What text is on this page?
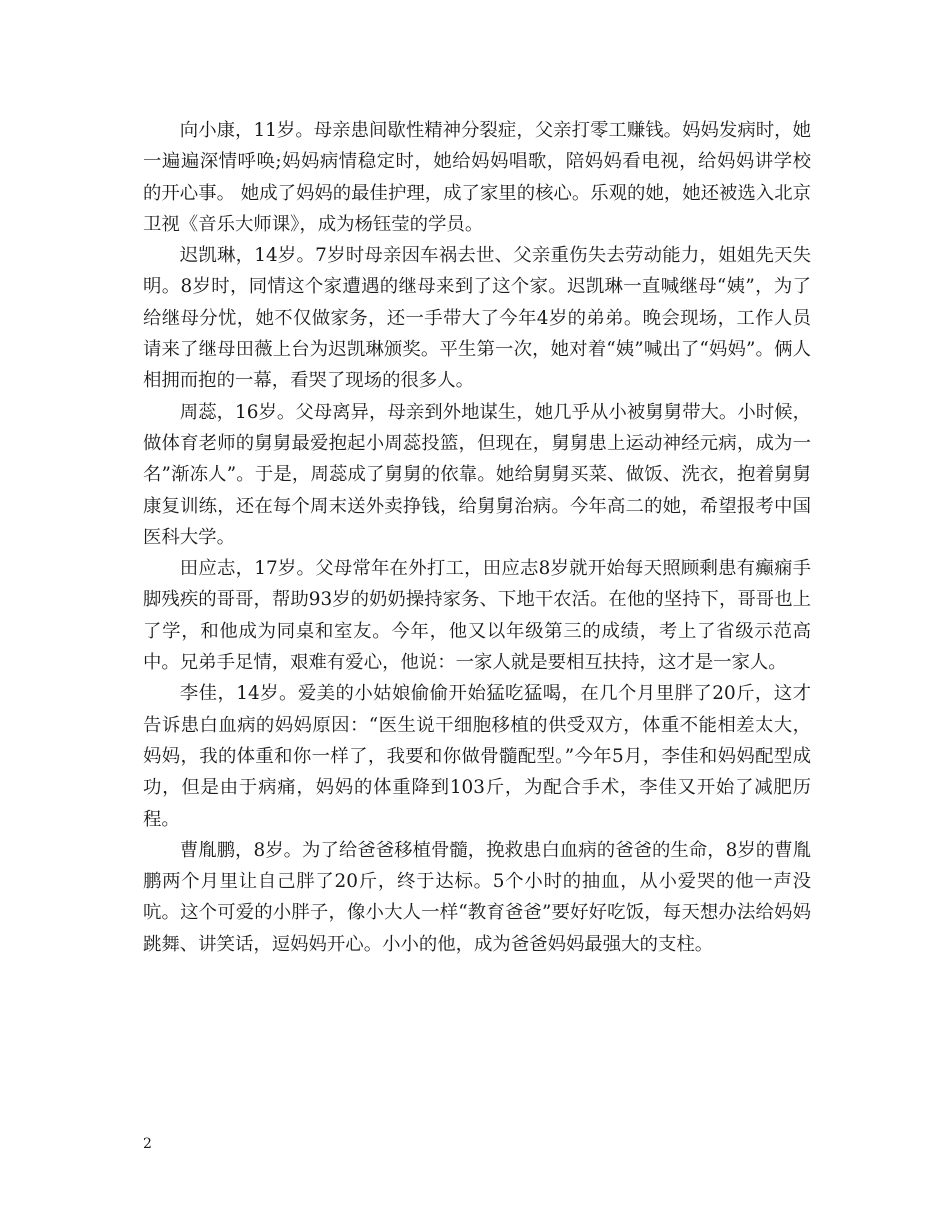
向小康，11岁。母亲患间歇性精神分裂症，父亲打零工赚钱。妈妈发病时，她一遍遍深情呼唤;妈妈病情稳定时，她给妈妈唱歌，陪妈妈看电视，给妈妈讲学校的开心事。 她成了妈妈的最佳护理，成了家里的核心。乐观的她，她还被选入北京卫视《音乐大师课》，成为杨钰莹的学员。

迟凯琳，14岁。7岁时母亲因车祸去世、父亲重伤失去劳动能力，姐姐先天失明。8岁时，同情这个家遭遇的继母来到了这个家。迟凯琳一直喊继母“姨”，为了给继母分忧，她不仅做家务，还一手带大了今年4岁的弟弟。晚会现场，工作人员请来了继母田薇上台为迟凯琳颁奖。平生第一次，她对着“姨”喊出了“妈妈”。俩人相拥而抱的一幕，看哭了现场的很多人。

周蕊，16岁。父母离异，母亲到外地谋生，她几乎从小被舅舅带大。小时候，做体育老师的舅舅最爱抱起小周蕊投篮，但现在，舅舅患上运动神经元病，成为一名”渐冻人”。于是，周蕊成了舅舅的依靠。她给舅舅买菜、做饭、洗衣，抱着舅舅康复训练，还在每个周末送外卖挣钱，给舅舅治病。今年高二的她，希望报考中国医科大学。

田应志，17岁。父母常年在外打工，田应志8岁就开始每天照顾剩患有癫痫手脚残疾的哥哥，帮助93岁的奶奶操持家务、下地干农活。在他的坚持下，哥哥也上了学，和他成为同桌和室友。今年，他又以年级第三的成绩，考上了省级示范高中。兄弟手足情，艰难有爱心，他说：一家人就是要相互扶持，这才是一家人。

李佳，14岁。爱美的小姑娘偷偷开始猛吃猛喝，在几个月里胖了20斤，这才告诉患白血病的妈妈原因：“医生说干细胞移植的供受双方，体重不能相差太大，妈妈，我的体重和你一样了，我要和你做骨髓配型。”今年5月，李佳和妈妈配型成功，但是由于病痛，妈妈的体重降到103斤，为配合手术，李佳又开始了减肥历程。

曹胤鹏，8岁。为了给爸爸移植骨髓，挽救患白血病的爸爸的生命，8岁的曹胤鹏两个月里让自己胖了20斤，终于达标。5个小时的抽血，从小爱哭的他一声没吭。这个可爱的小胖子，像小大人一样“教育爸爸”要好好吃饭，每天想办法给妈妈跳舞、讲笑话，逗妈妈开心。小小的他，成为爸爸妈妈最强大的支柱。

2
